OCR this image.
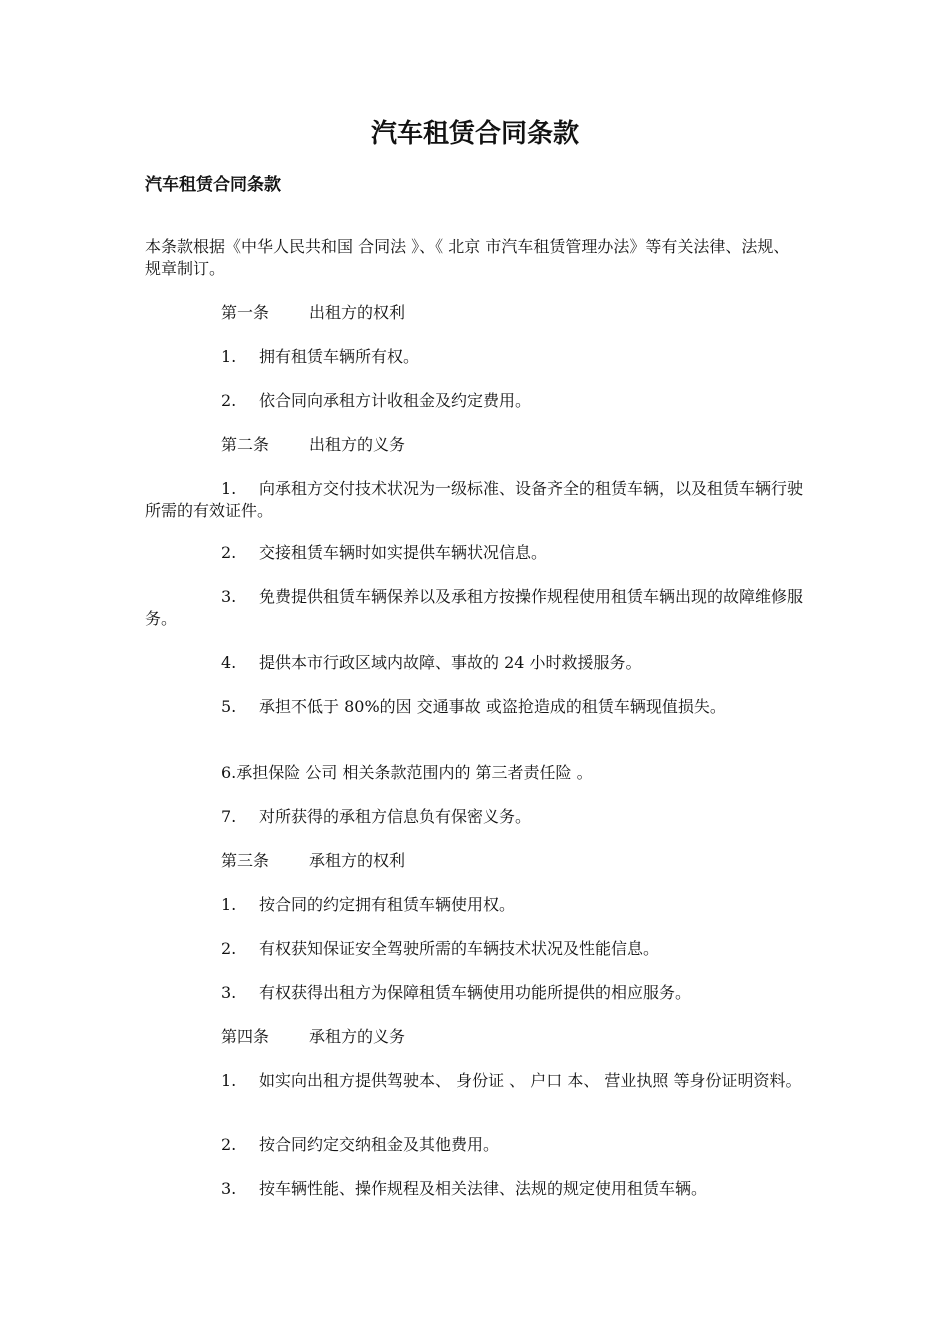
汽车租赁合同条款
汽车租赁合同条款

本条款根据《中华人民共和国 合同法 》、《 北京 市汽车租赁管理办法》等有关法律、法规、规章制订。

第一条	出租方的权利

1. 拥有租赁车辆所有权。

2. 依合同向承租方计收租金及约定费用。

第二条	出租方的义务

1. 向承租方交付技术状况为一级标准、设备齐全的租赁车辆，以及租赁车辆行驶所需的有效证件。

2. 交接租赁车辆时如实提供车辆状况信息。

3. 免费提供租赁车辆保养以及承租方按操作规程使用租赁车辆出现的故障维修服务。

4. 提供本市行政区域内故障、事故的 24 小时救援服务。

5. 承担不低于 80%的因 交通事故 或盗抢造成的租赁车辆现值损失。

6.承担保险 公司 相关条款范围内的 第三者责任险 。

7. 对所获得的承租方信息负有保密义务。

第三条	承租方的权利

1. 按合同的约定拥有租赁车辆使用权。

2. 有权获知保证安全驾驶所需的车辆技术状况及性能信息。

3. 有权获得出租方为保障租赁车辆使用功能所提供的相应服务。

第四条	承租方的义务

1. 如实向出租方提供驾驶本、 身份证 、 户口 本、 营业执照 等身份证明资料。

2. 按合同约定交纳租金及其他费用。

3. 按车辆性能、操作规程及相关法律、法规的规定使用租赁车辆。
